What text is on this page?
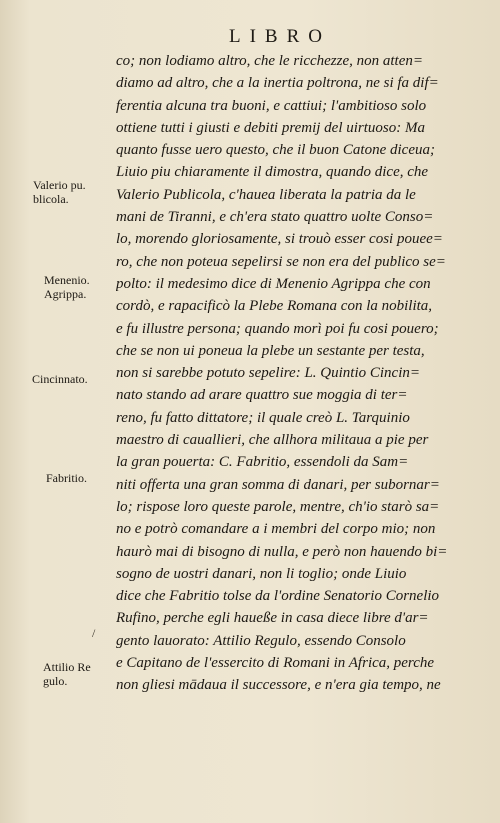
LIBRO
co; non lodiamo altro, che le ricchezze, non atten=
diamo ad altro, che a la inertia poltrona, ne si fa dif=
ferentia alcuna tra buoni, e cattiui; l'ambitioso solo
ottiene tutti i giusti e debiti premij del uirtuoso: Ma
quanto fusse uero questo, che il buon Catone diceua;
Liuio piu chiaramente il dimostra, quando dice, che
Valerio Publicola, c'hauea liberata la patria da le
mani de Tiranni, e ch'era stato quattro uolte Conso=
lo, morendo gloriosamente, si trouò esser cosi pouee=
ro, che non poteua sepelirsi se non era del publico se=
polto: il medesimo dice di Menenio Agrippa che con
cordò, e rapacificò la Plebe Romana con la nobilita,
e fu illustre persona; quando morì poi fu cosi pouero;
che se non ui poneua la plebe un sestante per testa,
non si sarebbe potuto sepelire: L. Quintio Cincin=
nato stando ad arare quattro sue moggia di ter=
reno, fu fatto dittatore; il quale creò L. Tarquinio
maestro di cauallieri, che allhora militaua a pie per
la gran pouerta: C. Fabritio, essendoli da Sam=
niti offerta una gran somma di danari, per subornar=
lo; rispose loro queste parole, mentre, ch'io starò sa=
no e potrò comandare a i membri del corpo mio; non
haurò mai di bisogno di nulla, e però non hauendo bi=
sogno de uostri danari, non li toglio; onde Liuio
dice che Fabritio tolse da l'ordine Senatorio Cornelio
Rufino, perche egli haueße in casa diece libre d'ar=
gento lauorato: Attilio Regulo, essendo Consolo
e Capitano de l'essercito di Romani in Africa, perche
non gliesi mādaua il successore, e n'era gia tempo, ne
Valerio pu.
blicola.
Menenio.
Agrippa.
Cincinnato.
Fabritio.
/
Attilio Re
gulo.
